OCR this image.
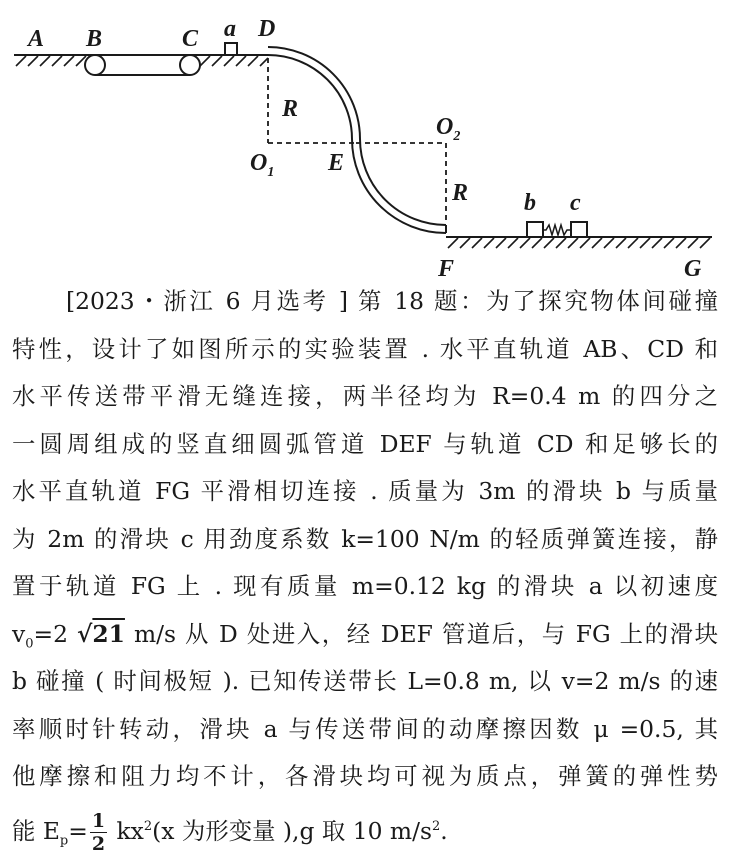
A B	C a D
R
$O_1$ E
$O_2$
R b c
F	G
[2023・浙江 6 月选考 ] 第 18 题：为了探究物体间碰撞
特性，设计了如图所示的实验装置 . 水平直轨道 AB、CD 和
水平传送带平滑无缝连接，两半径均为 R=0.4 m 的四分之
一圆周组成的竖直细圆弧管道 DEF 与轨道 CD 和足够长的
水平直轨道 FG 平滑相切连接 . 质量为 3m 的滑块 b 与质量
为 2m 的滑块 c 用劲度系数 k=100 N/m 的轻质弹簧连接，静
置于轨道 FG 上 . 现有质量 m=0.12 kg 的滑块 a 以初速度
$v_0=2$ √21 m/s 从 D 处进入，经 DEF 管道后，与 FG 上的滑块
b 碰撞 ( 时间极短 ). 已知传送带长 L=0.8 m, 以 v=2 m/s 的速
率顺时针转动，滑块 a 与传送带间的动摩擦因数 μ =0.5, 其
他摩擦和阻力均不计，各滑块均可视为质点，弹簧的弹性势
能 $E_p= \frac{1}{2} kx^2(x$ 为形变量 ),g 取 10 $m/s^2$.
